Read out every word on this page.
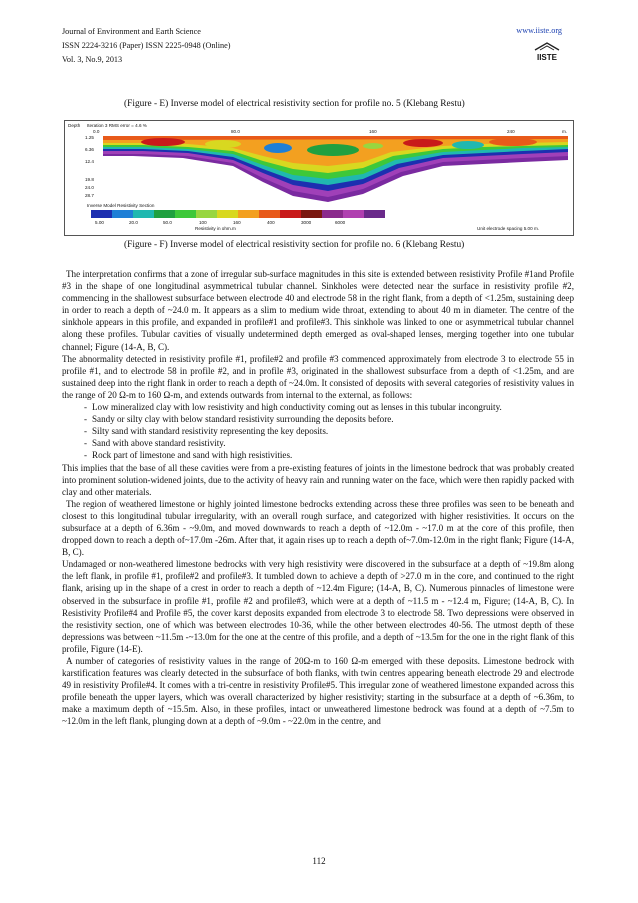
Journal of Environment and Earth Science
ISSN 2224-3216 (Paper) ISSN 2225-0948 (Online)
Vol. 3, No.9, 2013
www.iiste.org
IISTE
(Figure - E) Inverse model of electrical resistivity section for profile no. 5 (Klebang Restu)
Depth Iteration 3 RMS error = 4.6 %
0.0	80.0	160	240	m.
1.25
6.36
12.4
19.8
24.0
28.7
Inverse Model Resistivity Section
5.00	20.0	50.0	100	160	400	3000	6000
Resistivity in ohm.m	Unit electrode spacing 5.00 m.
(Figure - F) Inverse model of electrical resistivity section for profile no. 6 (Klebang Restu)

The interpretation confirms that a zone of irregular sub-surface magnitudes in this site is extended between resistivity Profile #1and Profile #3 in the shape of one longitudinal asymmetrical tubular channel. Sinkholes were detected near the surface in resistivity profile #2, commencing in the shallowest subsurface between electrode 40 and electrode 58 in the right flank, from a depth of <1.25m, sustaining deep in order to reach a depth of ~24.0 m. It appears as a slim to medium wide throat, extending to about 40 m in diameter. The centre of the sinkhole appears in this profile, and expanded in profile#1 and profile#3. This sinkhole was linked to one or asymmetrical tubular channel along these profiles. Tubular cavities of visually undetermined depth emerged as oval-shaped lenses, merging together into one tubular channel; Figure (14-A, B, C).

The abnormality detected in resistivity profile #1, profile#2 and profile #3 commenced approximately from electrode 3 to electrode 55 in profile #1, and to electrode 58 in profile #2, and in profile #3, originated in the shallowest subsurface from a depth of <1.25m, and are sustained deep into the right flank in order to reach a depth of ~24.0m. It consisted of deposits with several categories of resistivity values in the range of 20 Ω-m to 160 Ω-m, and extends outwards from internal to the external, as follows:

- Low mineralized clay with low resistivity and high conductivity coming out as lenses in this tubular incongruity.
- Sandy or silty clay with below standard resistivity surrounding the deposits before.
- Silty sand with standard resistivity representing the key deposits.
- Sand with above standard resistivity.
- Rock part of limestone and sand with high resistivities.

This implies that the base of all these cavities were from a pre-existing features of joints in the limestone bedrock that was probably created into prominent solution-widened joints, due to the activity of heavy rain and running water on the face, which were then rapidly packed with clay and other materials.

The region of weathered limestone or highly jointed limestone bedrocks extending across these three profiles was seen to be beneath and closest to this longitudinal tubular irregularity, with an overall rough surface, and categorized with higher resistivities. It occurs on the subsurface at a depth of 6.36m - ~9.0m, and moved downwards to reach a depth of ~12.0m - ~17.0 m at the core of this profile, then dropped down to reach a depth of~17.0m -26m. After that, it again rises up to reach a depth of~7.0m-12.0m in the right flank; Figure (14-A, B, C).

Undamaged or non-weathered limestone bedrocks with very high resistivity were discovered in the subsurface at a depth of ~19.8m along the left flank, in profile #1, profile#2 and profile#3. It tumbled down to achieve a depth of >27.0 m in the core, and continued to the right flank, arising up in the shape of a crest in order to reach a depth of ~12.4m Figure; (14-A, B, C). Numerous pinnacles of limestone were observed in the subsurface in profile #1, profile #2 and profile#3, which were at a depth of ~11.5 m - ~12.4 m, Figure; (14-A, B, C). In Resistivity Profile#4 and Profile #5, the cover karst deposits expanded from electrode 3 to electrode 58. Two depressions were observed in the resistivity section, one of which was between electrodes 10-36, while the other between electrodes 40-56. The utmost depth of these depressions was between ~11.5m -~13.0m for the one at the centre of this profile, and a depth of ~13.5m for the one in the right flank of this profile, Figure (14-E).

A number of categories of resistivity values in the range of 20Ω-m to 160 Ω-m emerged with these deposits. Limestone bedrock with karstification features was clearly detected in the subsurface of both flanks, with twin centres appearing beneath electrode 29 and electrode 49 in resistivity Profile#4. It comes with a tri-centre in resistivity Profile#5. This irregular zone of weathered limestone expanded across this profile beneath the upper layers, which was overall characterized by higher resistivity; starting in the subsurface at a depth of ~6.36m, to make a maximum depth of ~15.5m. Also, in these profiles, intact or unweathered limestone bedrock was found at a depth of ~7.5m to ~12.0m in the left flank, plunging down at a depth of ~9.0m - ~22.0m in the centre, and

112
